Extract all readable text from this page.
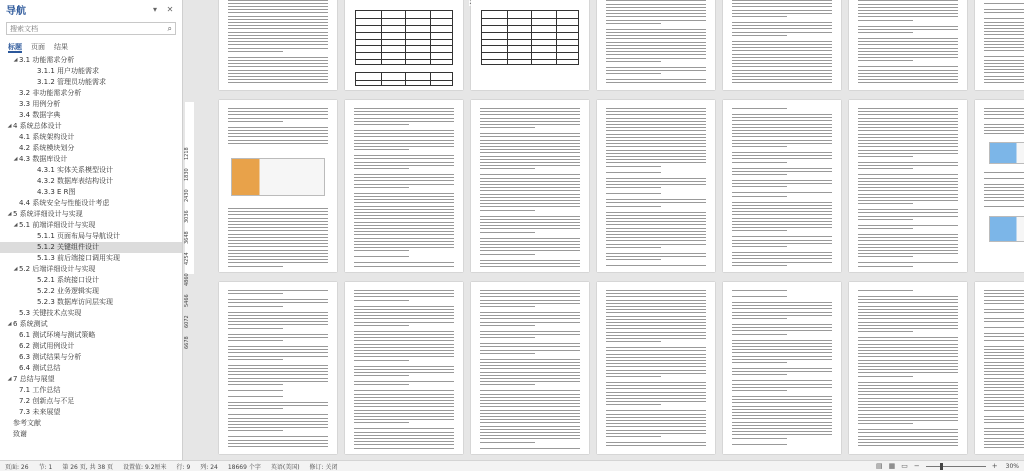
导航	▾	✕
搜索文档
⌕
标题 页面 结果
◢ 3.1 功能需求分析
3.1.1 用户功能需求
3.1.2 管理员功能需求
3.2 非功能需求分析
3.3 用例分析
3.4 数据字典
◢ 4 系统总体设计
4.1 系统架构设计
4.2 系统模块划分
◢ 4.3 数据库设计
4.3.1 实体关系模型设计
4.3.2 数据库表结构设计
4.3.3 E R图
4.4 系统安全与性能设计考虑
◢ 5 系统详细设计与实现
◢ 5.1 前端详细设计与实现
5.1.1 页面布局与导航设计
5.1.2 关键组件设计
5.1.3 前后端接口调用实现
◢ 5.2 后端详细设计与实现
5.2.1 系统接口设计
5.2.2 业务逻辑实现
5.2.3 数据库访问层实现
5.3 关键技术点实现
◢ 6 系统测试
6.1 测试环境与测试策略
6.2 测试用例设计
6.3 测试结果与分析
6.4 测试总结
◢ 7 总结与展望
7.1 工作总结
7.2 创新点与不足
7.3 未来展望
参考文献
致谢
1218
1830
2430
3036
3648
4254
4860
5466
6072
6678
页面: 26	节: 1	第 26 页, 共 38 页	设置值: 9.2厘米	行: 9	列: 24	18669 个字	英语(美国)	修订: 关闭	▤ ▦ ▭ −	+	30%
